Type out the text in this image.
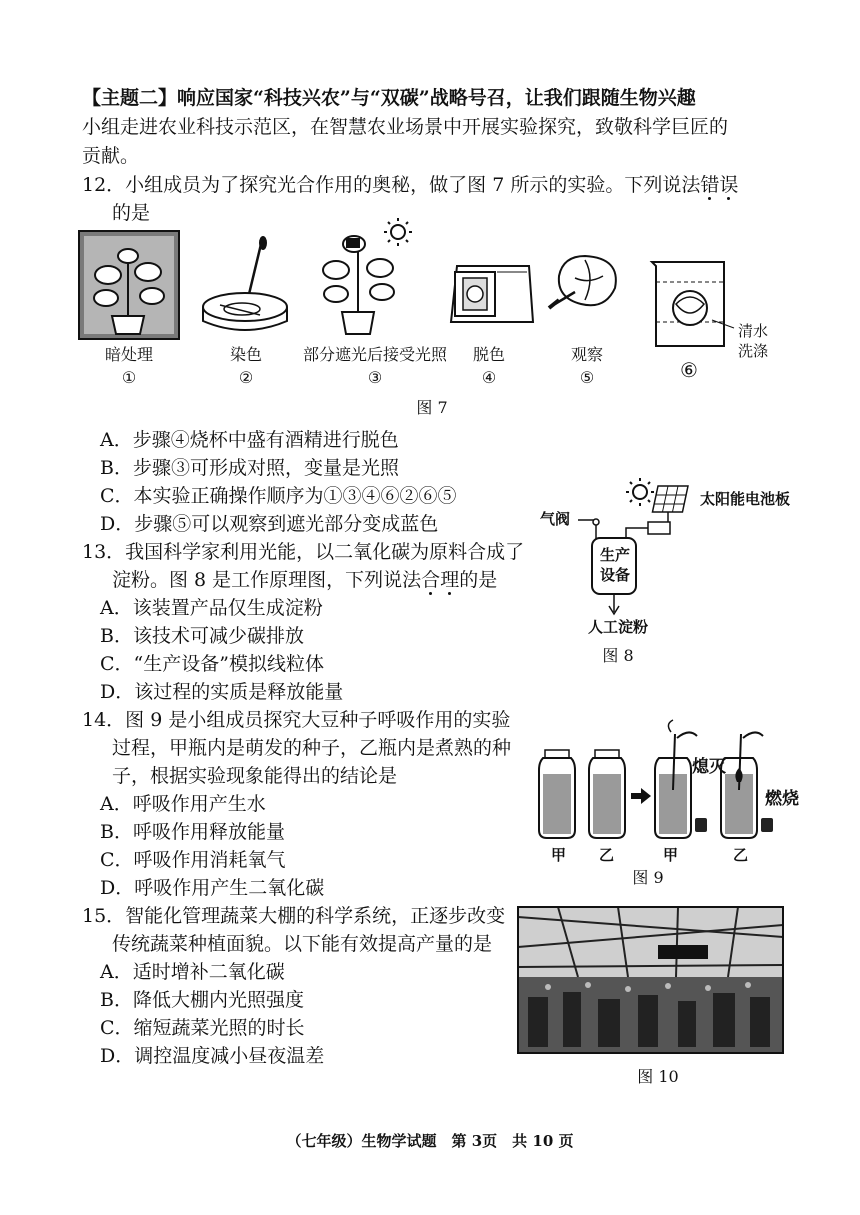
【主题二】响应国家“科技兴农”与“双碳”战略号召，让我们跟随生物兴趣
小组走进农业科技示范区，在智慧农业场景中开展实验探究，致敬科学巨匠的
贡献。
12．小组成员为了探究光合作用的奥秘，做了图 7 所示的实验。下列说法错误
的是
清水
洗涤
暗处理
①
染色
②
部分遮光后接受光照
③
脱色
④
观察
⑤	⑥
图 7
A．步骤④烧杯中盛有酒精进行脱色
B．步骤③可形成对照，变量是光照
C．本实验正确操作顺序为①③④⑥②⑥⑤
D．步骤⑤可以观察到遮光部分变成蓝色
13．我国科学家利用光能，以二氧化碳为原料合成了
淀粉。图 8 是工作原理图，下列说法合理的是
A．该装置产品仅生成淀粉
B．该技术可减少碳排放
C．“生产设备”模拟线粒体
D．该过程的实质是释放能量
太阳能电池板
气阀
生产
设备
人工淀粉
图 8
14．图 9 是小组成员探究大豆种子呼吸作用的实验
过程，甲瓶内是萌发的种子，乙瓶内是煮熟的种
子，根据实验现象能得出的结论是
A．呼吸作用产生水
B．呼吸作用释放能量
C．呼吸作用消耗氧气
D．呼吸作用产生二氧化碳
熄灭
燃烧
甲 乙	甲	乙
图 9
15．智能化管理蔬菜大棚的科学系统，正逐步改变
传统蔬菜种植面貌。以下能有效提高产量的是
A．适时增补二氧化碳
B．降低大棚内光照强度
C．缩短蔬菜光照的时长
D．调控温度减小昼夜温差
图 10
（七年级）生物学试题　第 3页　共 10 页
